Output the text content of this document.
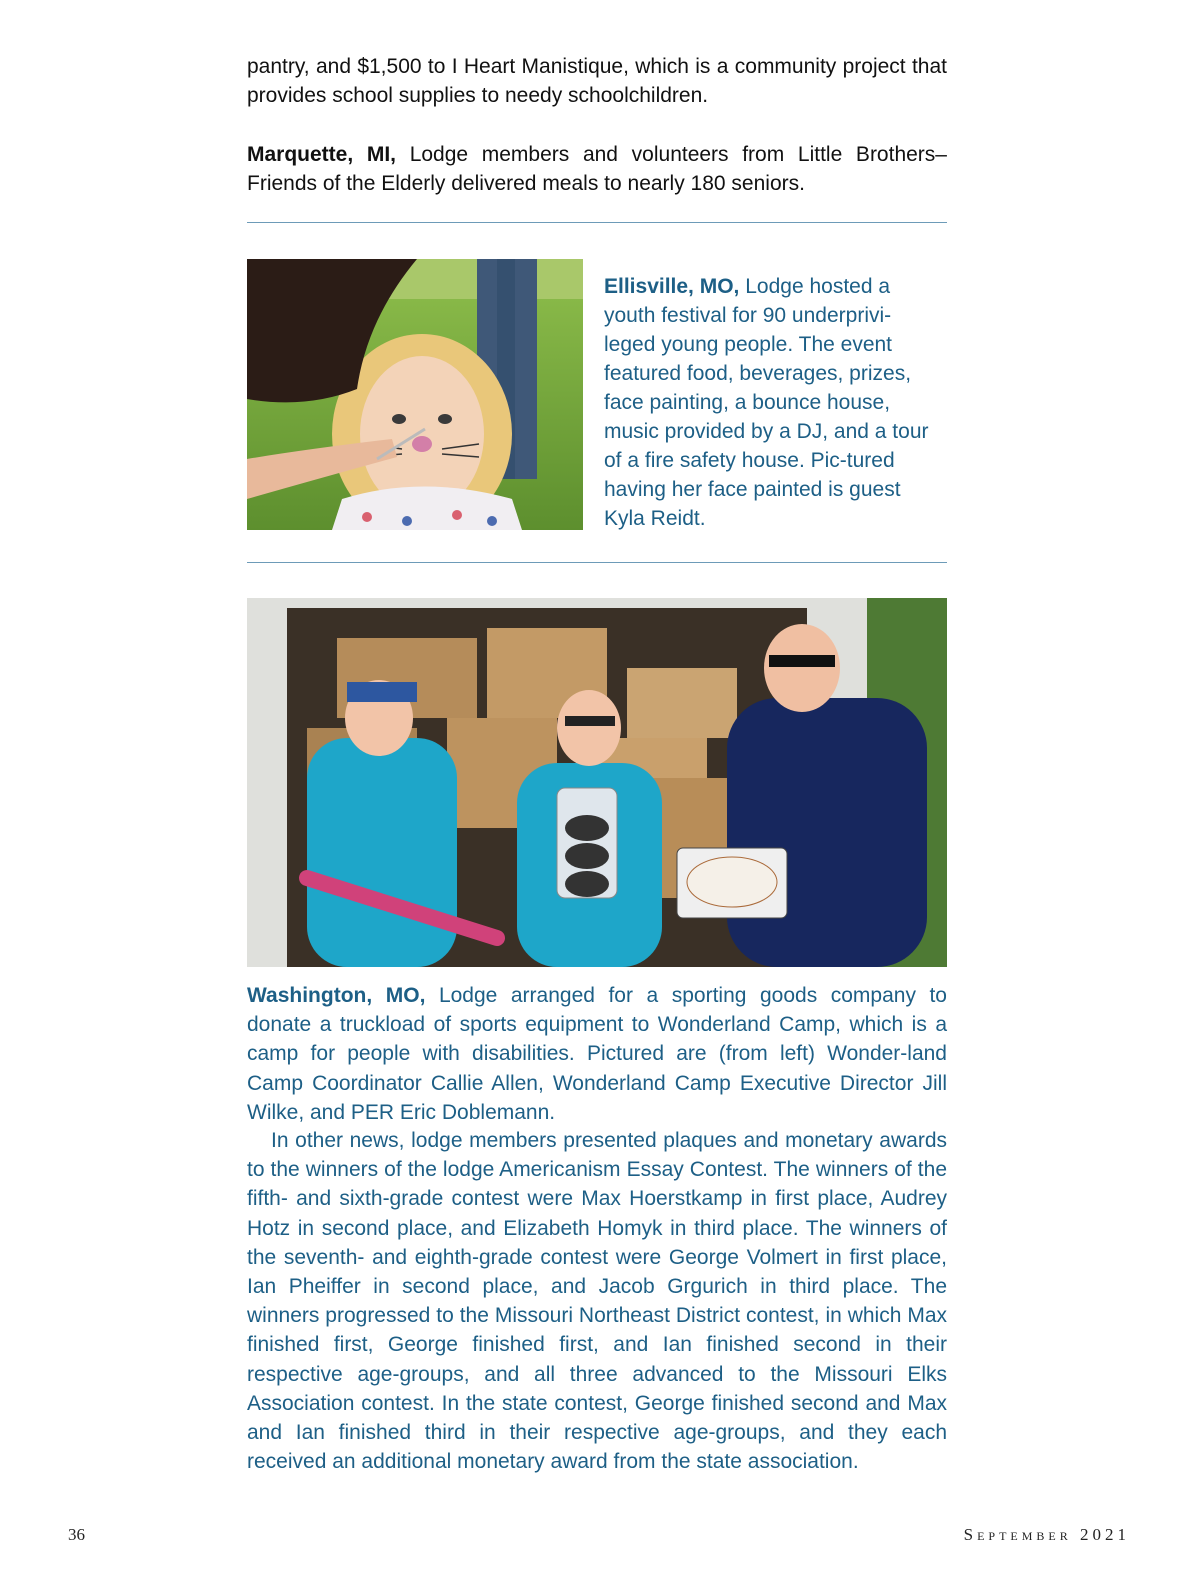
pantry, and $1,500 to I Heart Manistique, which is a community project that provides school supplies to needy schoolchildren.

Marquette, MI, Lodge members and volunteers from Little Brothers–Friends of the Elderly delivered meals to nearly 180 seniors.

Ellisville, MO, Lodge hosted a youth festival for 90 underprivi-leged young people. The event featured food, beverages, prizes, face painting, a bounce house, music provided by a DJ, and a tour of a fire safety house. Pic-tured having her face painted is guest Kyla Reidt.

Washington, MO, Lodge arranged for a sporting goods company to donate a truckload of sports equipment to Wonderland Camp, which is a camp for people with disabilities. Pictured are (from left) Wonder-land Camp Coordinator Callie Allen, Wonderland Camp Executive Director Jill Wilke, and PER Eric Doblemann.

In other news, lodge members presented plaques and monetary awards to the winners of the lodge Americanism Essay Contest. The winners of the fifth- and sixth-grade contest were Max Hoerstkamp in first place, Audrey Hotz in second place, and Elizabeth Homyk in third place. The winners of the seventh- and eighth-grade contest were George Volmert in first place, Ian Pheiffer in second place, and Jacob Grgurich in third place. The winners progressed to the Missouri Northeast District contest, in which Max finished first, George finished first, and Ian finished second in their respective age-groups, and all three advanced to the Missouri Elks Association contest. In the state contest, George finished second and Max and Ian finished third in their respective age-groups, and they each received an additional monetary award from the state association.

36	September 2021
